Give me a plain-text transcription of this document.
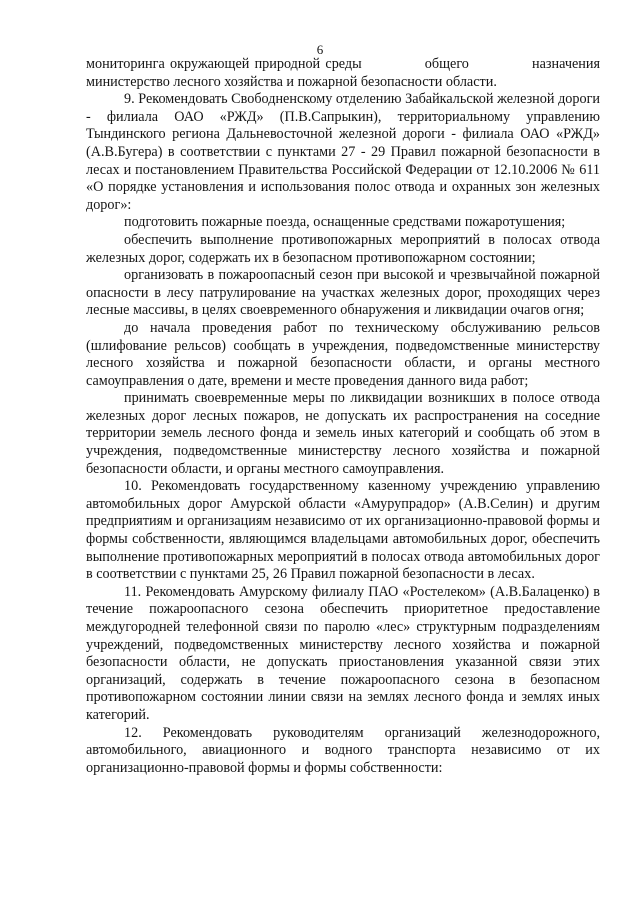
6

мониторинга окружающей природной среды            общего            назначения министерство лесного хозяйства и пожарной безопасности области.

9. Рекомендовать Свободненскому отделению Забайкальской железной дороги - филиала ОАО «РЖД» (П.В.Сапрыкин), территориальному управлению Тындинского региона Дальневосточной железной дороги - филиала ОАО «РЖД» (А.В.Бугера) в соответствии с пунктами 27 - 29 Правил пожарной безопасности в лесах и постановлением Правительства Российской Федерации от 12.10.2006 № 611 «О порядке установления и использования полос отвода и охранных зон железных дорог»:

подготовить пожарные поезда, оснащенные средствами пожаротушения;

обеспечить выполнение противопожарных мероприятий в полосах отвода железных дорог, содержать их в безопасном противопожарном состоянии;

организовать в пожароопасный сезон при высокой и чрезвычайной пожарной опасности в лесу патрулирование на участках железных дорог, проходящих через лесные массивы, в целях своевременного обнаружения и ликвидации очагов огня;

до начала проведения работ по техническому обслуживанию рельсов (шлифование рельсов) сообщать в учреждения, подведомственные министерству лесного хозяйства и пожарной безопасности области, и органы местного самоуправления о дате, времени и месте проведения данного вида работ;

принимать своевременные меры по ликвидации возникших в полосе отвода железных дорог лесных пожаров, не допускать их распространения на соседние территории земель лесного фонда и земель иных категорий и сообщать об этом в учреждения, подведомственные министерству лесного хозяйства и пожарной безопасности области, и органы местного самоуправления.

10. Рекомендовать государственному казенному учреждению управлению автомобильных дорог Амурской области «Амурупрадор» (А.В.Селин) и другим предприятиям и организациям независимо от их организационно-правовой формы и формы собственности, являющимся владельцами автомобильных дорог, обеспечить выполнение противопожарных мероприятий в полосах отвода автомобильных дорог в соответствии с пунктами 25, 26 Правил пожарной безопасности в лесах.

11. Рекомендовать Амурскому филиалу ПАО «Ростелеком» (А.В.Балаценко) в течение пожароопасного сезона обеспечить приоритетное предоставление междугородней телефонной связи по паролю «лес» структурным подразделениям учреждений, подведомственных министерству лесного хозяйства и пожарной безопасности области, не допускать приостановления указанной связи этих организаций, содержать в течение пожароопасного сезона в безопасном противопожарном состоянии линии связи на землях лесного фонда и землях иных категорий.

12. Рекомендовать руководителям организаций железнодорожного, автомобильного, авиационного и водного транспорта независимо от их организационно-правовой формы и формы собственности:
